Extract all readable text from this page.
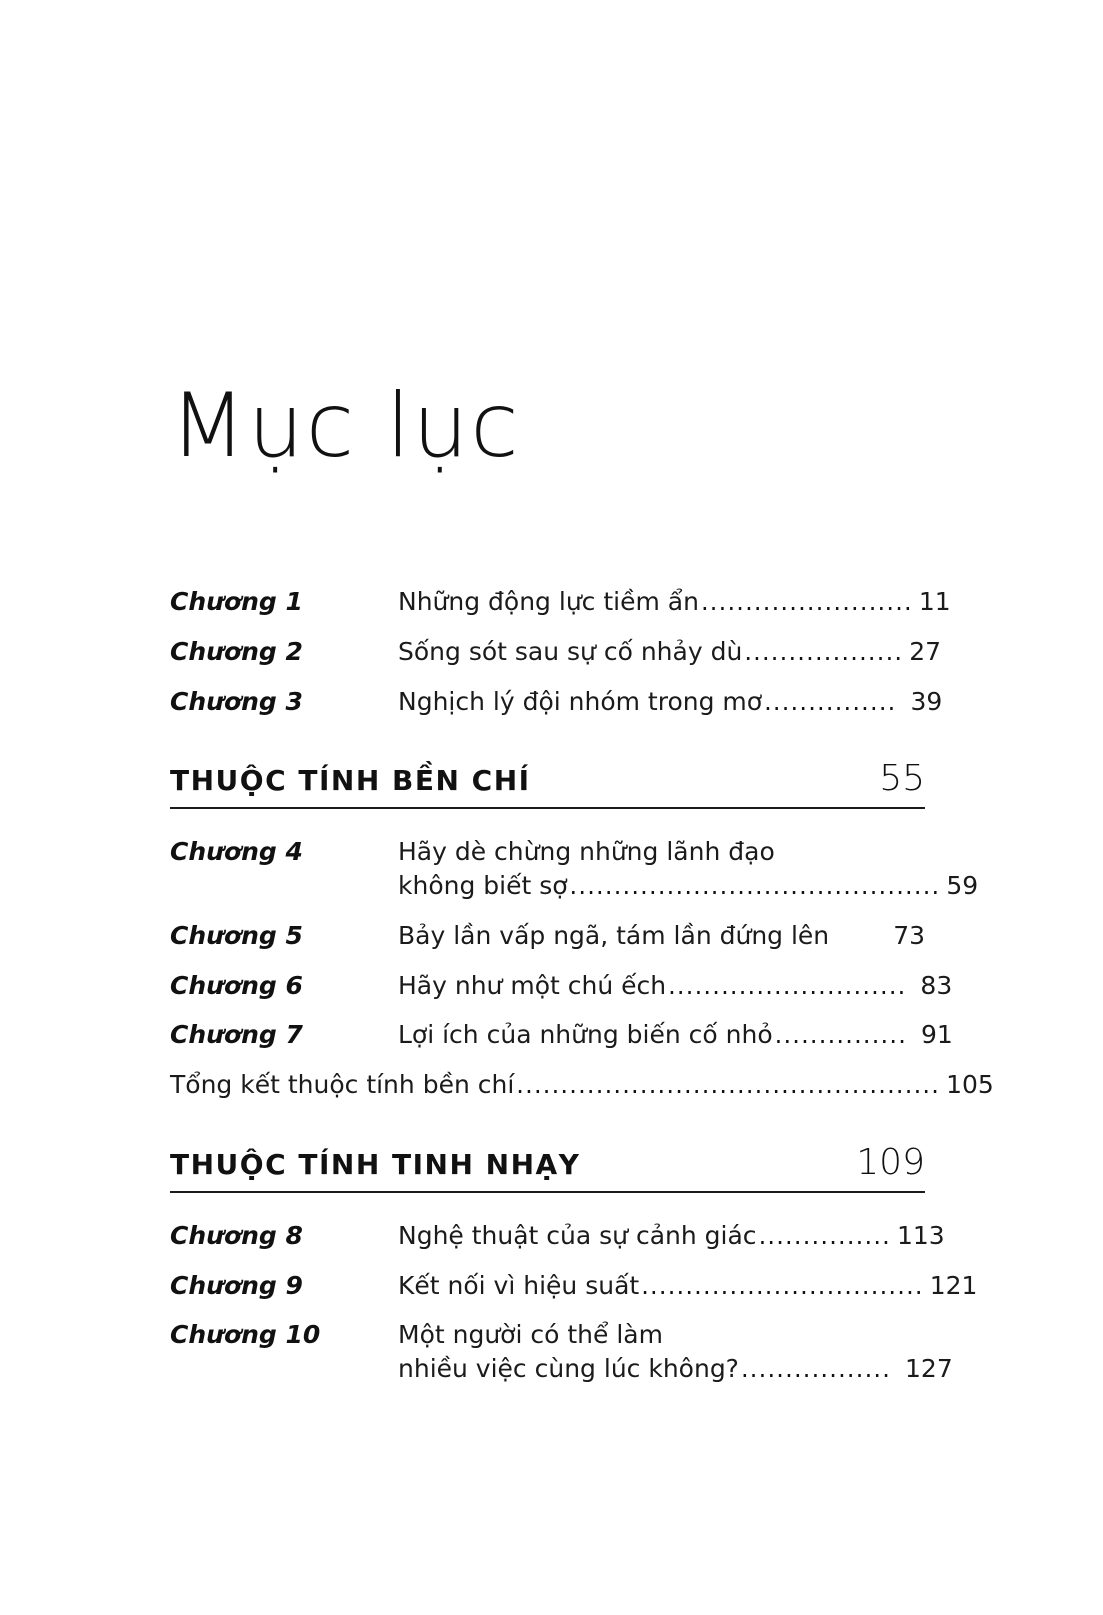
Mục lục
Chương 1	Những động lực tiềm ẩn ........................ 11
Chương 2	Sống sót sau sự cố nhảy dù .................. 27
Chương 3	Nghịch lý đội nhóm trong mơ ............... 39
THUỘC TÍNH BỀN CHÍ	55
Chương 4	Hãy dè chừng những lãnh đạo
không biết sợ .......................................... 59
Chương 5	Bảy lần vấp ngã, tám lần đứng lên	73
Chương 6	Hãy như một chú ếch ........................... 83
Chương 7	Lợi ích của những biến cố nhỏ ............... 91
Tổng kết thuộc tính bền chí ................................................ 105
THUỘC TÍNH TINH NHẠY	109
Chương 8	Nghệ thuật của sự cảnh giác ............... 113
Chương 9	Kết nối vì hiệu suất ................................ 121
Chương 10	Một người có thể làm
nhiều việc cùng lúc không? ................. 127
